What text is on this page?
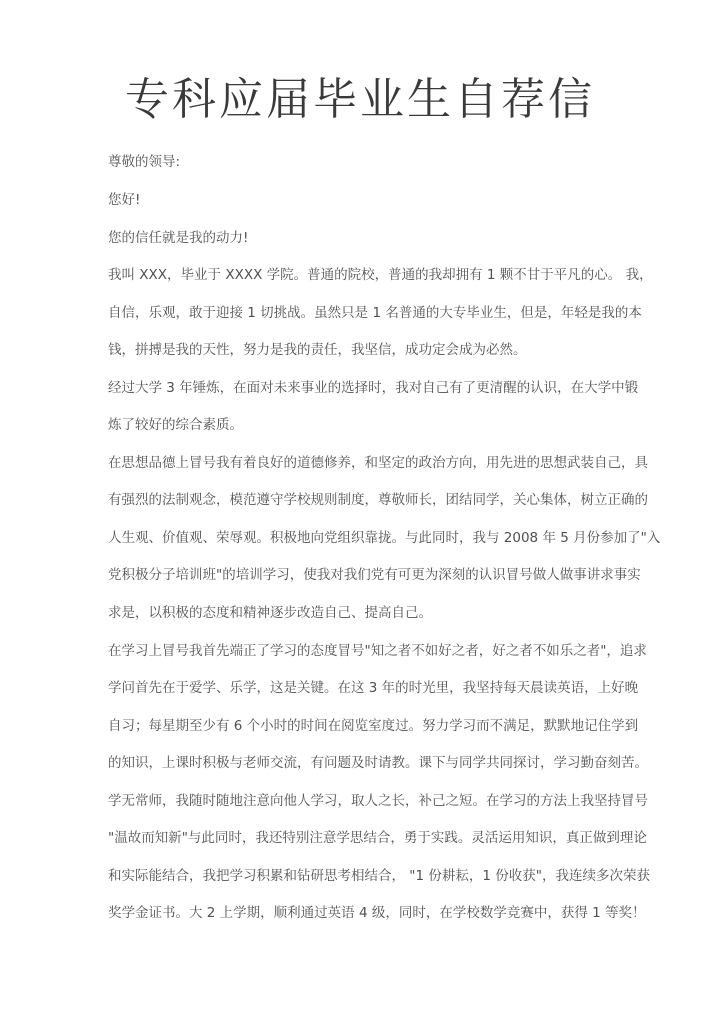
专科应届毕业生自荐信
尊敬的领导:
您好!
您的信任就是我的动力!
我叫 XXX，毕业于 XXXX 学院。普通的院校，普通的我却拥有 1 颗不甘于平凡的心。 我，
自信，乐观，敢于迎接 1 切挑战。虽然只是 1 名普通的大专毕业生，但是，年轻是我的本
钱，拼搏是我的天性，努力是我的责任，我坚信，成功定会成为必然。
经过大学 3 年锤炼，在面对未来事业的选择时，我对自己有了更清醒的认识，在大学中锻
炼了较好的综合素质。
在思想品德上冒号我有着良好的道德修养，和坚定的政治方向，用先进的思想武装自己，具
有强烈的法制观念，模范遵守学校规则制度，尊敬师长，团结同学，关心集体，树立正确的
人生观、价值观、荣辱观。积极地向党组织靠拢。与此同时，我与 2008 年 5 月份参加了"入
党积极分子培训班"的培训学习，使我对我们党有可更为深刻的认识冒号做人做事讲求事实
求是，以积极的态度和精神逐步改造自己、提高自己。
在学习上冒号我首先端正了学习的态度冒号"知之者不如好之者，好之者不如乐之者"，追求
学问首先在于爱学、乐学，这是关键。在这 3 年的时光里，我坚持每天晨读英语，上好晚
自习；每星期至少有 6 个小时的时间在阅览室度过。努力学习而不满足，默默地记住学到
的知识，上课时积极与老师交流，有问题及时请教。课下与同学共同探讨，学习勤奋刻苦。
学无常师，我随时随地注意向他人学习，取人之长，补己之短。在学习的方法上我坚持冒号
"温故而知新"与此同时，我还特别注意学思结合，勇于实践。灵活运用知识，真正做到理论
和实际能结合，我把学习积累和钻研思考相结合， "1 份耕耘，1 份收获"，我连续多次荣获
奖学金证书。大 2 上学期，顺利通过英语 4 级，同时，在学校数学竞赛中，获得 1 等奖！
